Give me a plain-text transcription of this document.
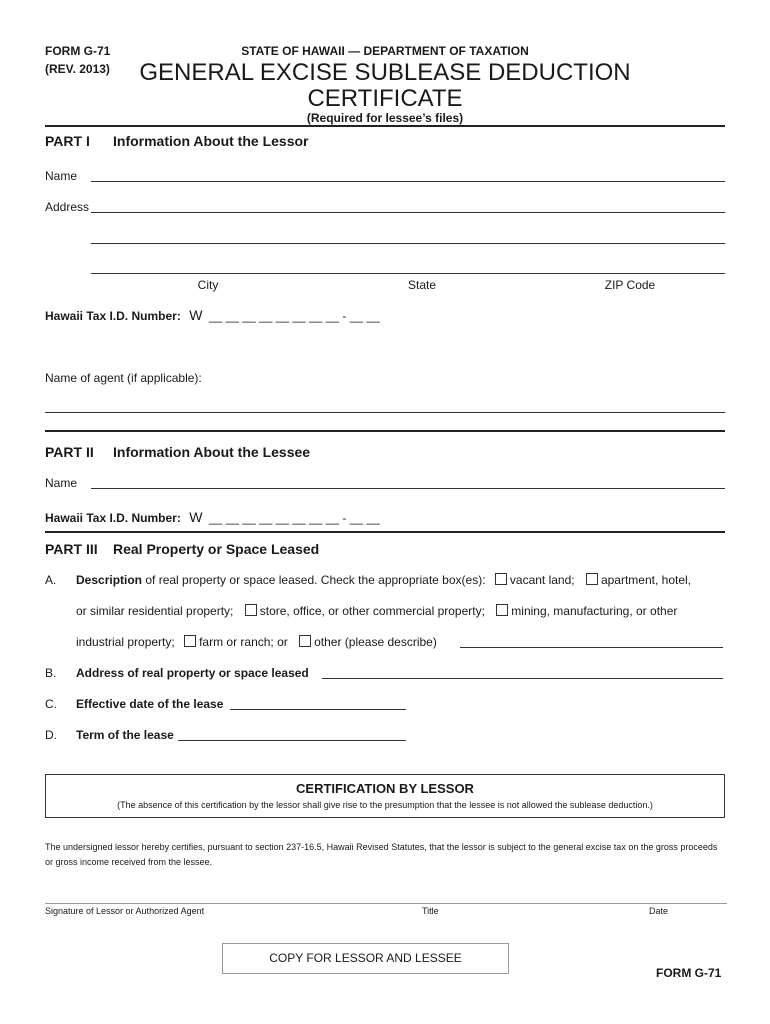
FORM G-71
(REV. 2013)
STATE OF HAWAII — DEPARTMENT OF TAXATION
GENERAL EXCISE SUBLEASE DEDUCTION
CERTIFICATE
(Required for lessee’s files)
PART I Information About the Lessor
Name
Address
City	State	ZIP Code
Hawaii Tax I.D. Number: W __ __ __ __ __ __ __ __ - __ __
Name of agent (if applicable):
PART II Information About the Lessee
Name
Hawaii Tax I.D. Number: W __ __ __ __ __ __ __ __ - __ __
PART III Real Property or Space Leased
A. Description of real property or space leased. Check the appropriate box(es): vacant land; apartment, hotel,
or similar residential property; store, office, or other commercial property; mining, manufacturing, or other
industrial property; farm or ranch; or other (please describe)
B. Address of real property or space leased
C. Effective date of the lease
D. Term of the lease
CERTIFICATION BY LESSOR
(The absence of this certification by the lessor shall give rise to the presumption that the lessee is not allowed the sublease deduction.)
The undersigned lessor hereby certifies, pursuant to section 237-16.5, Hawaii Revised Statutes, that the lessor is subject to the general excise tax on the gross proceeds or gross income received from the lessee.
Signature of Lessor or Authorized Agent	Title	Date
COPY FOR LESSOR AND LESSEE
FORM G-71
